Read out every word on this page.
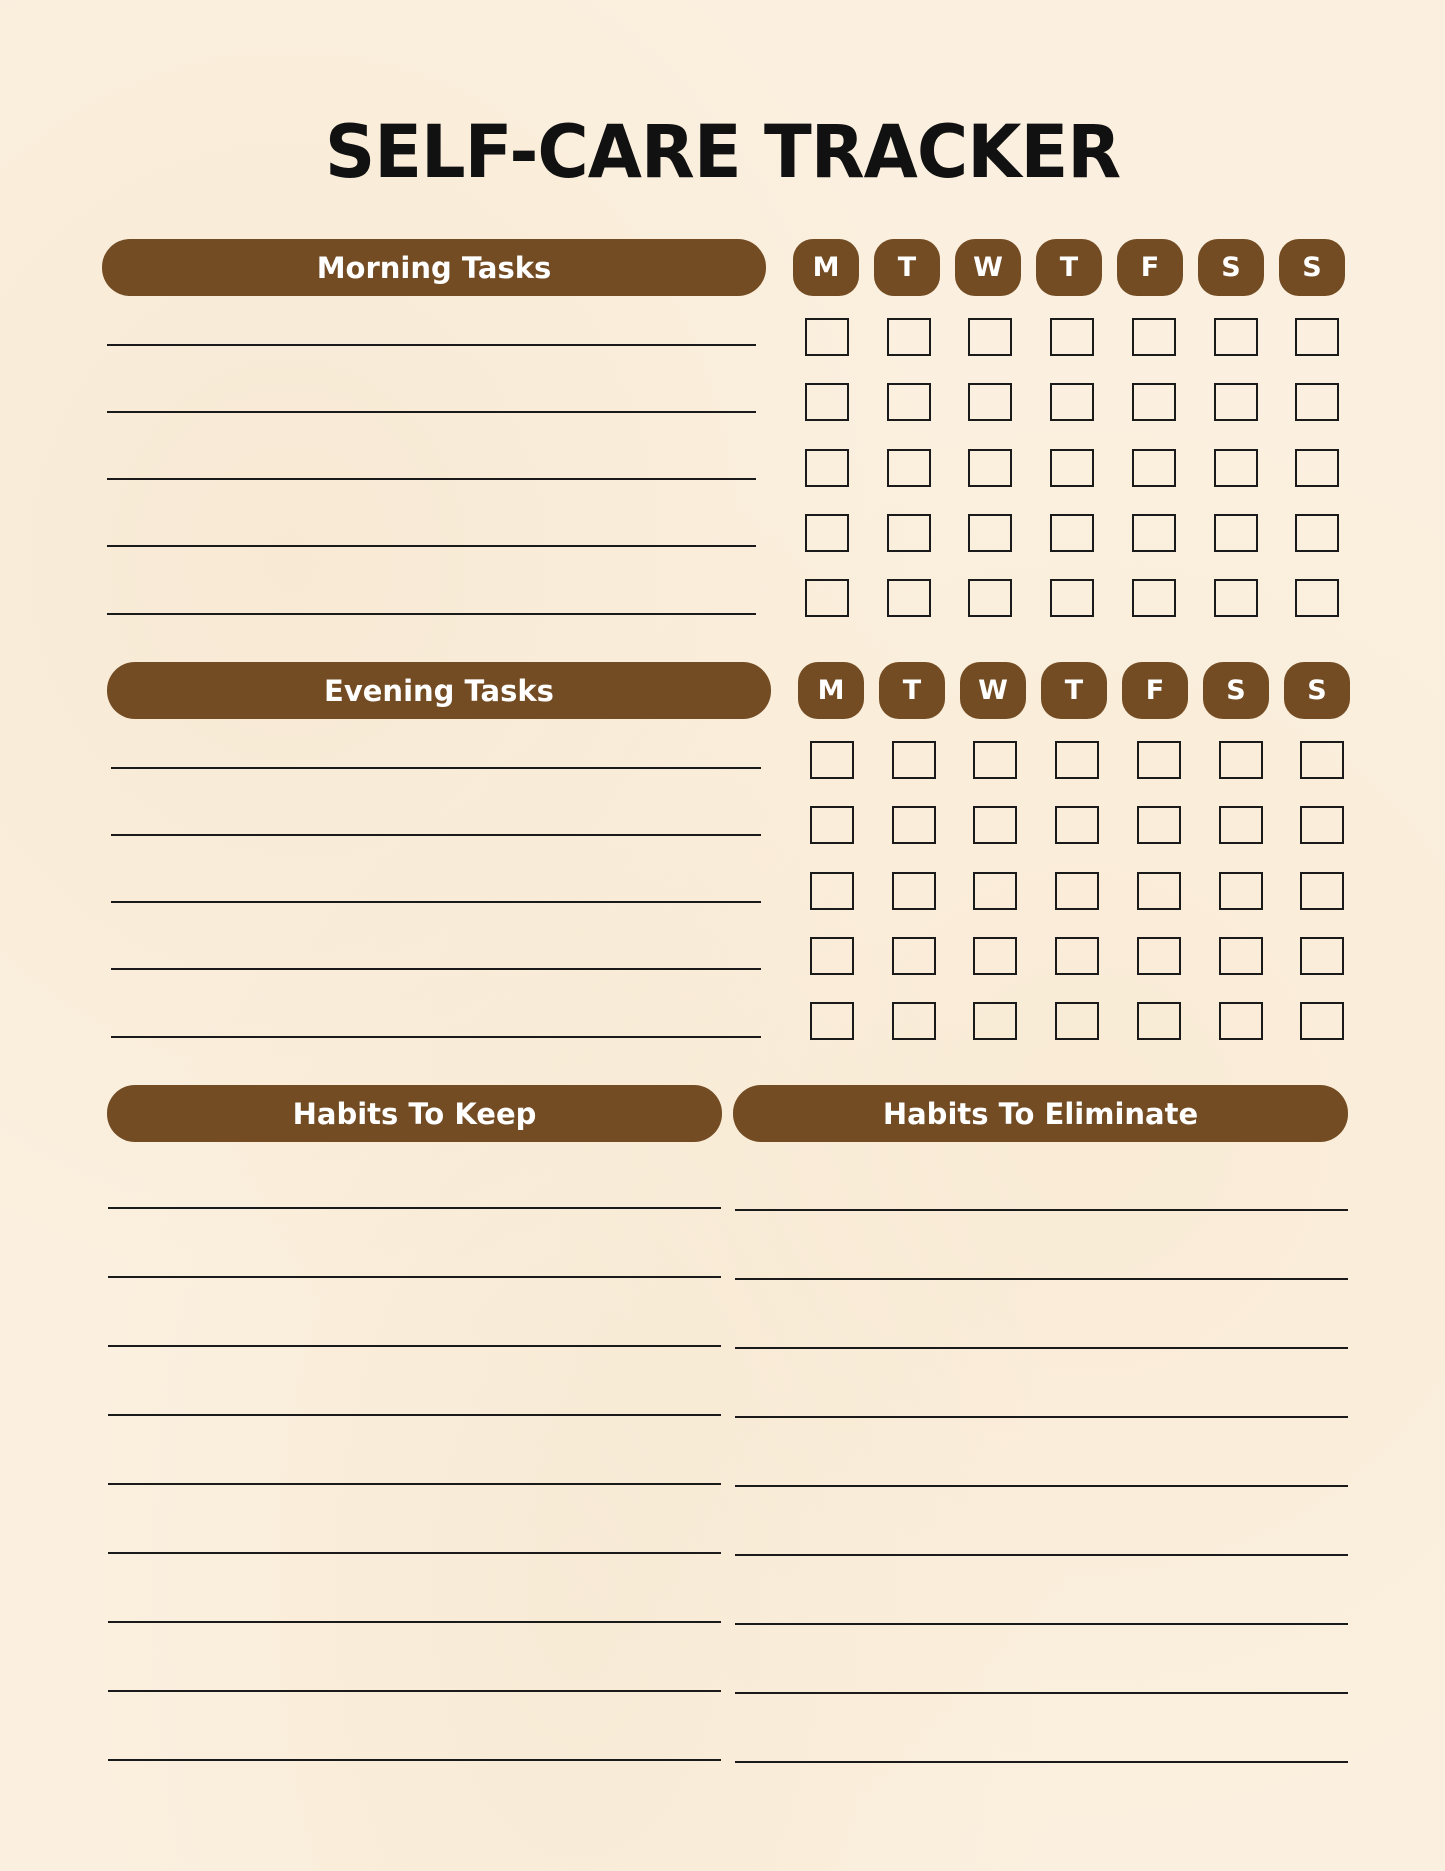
SELF-CARE TRACKER
Morning Tasks	M	T	W	T	F	S	S
Evening Tasks	M	T	W	T	F	S	S
Habits To Keep	Habits To Eliminate
